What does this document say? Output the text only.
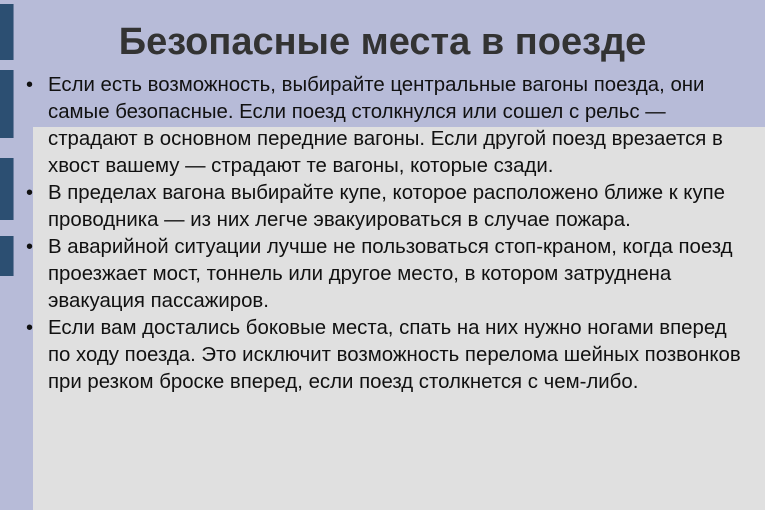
Безопасные места в поезде
• Если есть возможность, выбирайте центральные вагоны поезда, они самые безопасные. Если поезд столкнулся или сошел с рельс — страдают в основном передние вагоны. Если другой поезд врезается в хвост вашему — страдают те вагоны, которые сзади.
• В пределах вагона выбирайте купе, которое расположено ближе к купе проводника — из них легче эвакуироваться в случае пожара.
• В аварийной ситуации лучше не пользоваться стоп-краном, когда поезд проезжает мост, тоннель или другое место, в котором затруднена эвакуация пассажиров.
• Если вам достались боковые места, спать на них нужно ногами вперед по ходу поезда. Это исключит возможность перелома шейных позвонков при резком броске вперед, если поезд столкнется с чем-либо.
